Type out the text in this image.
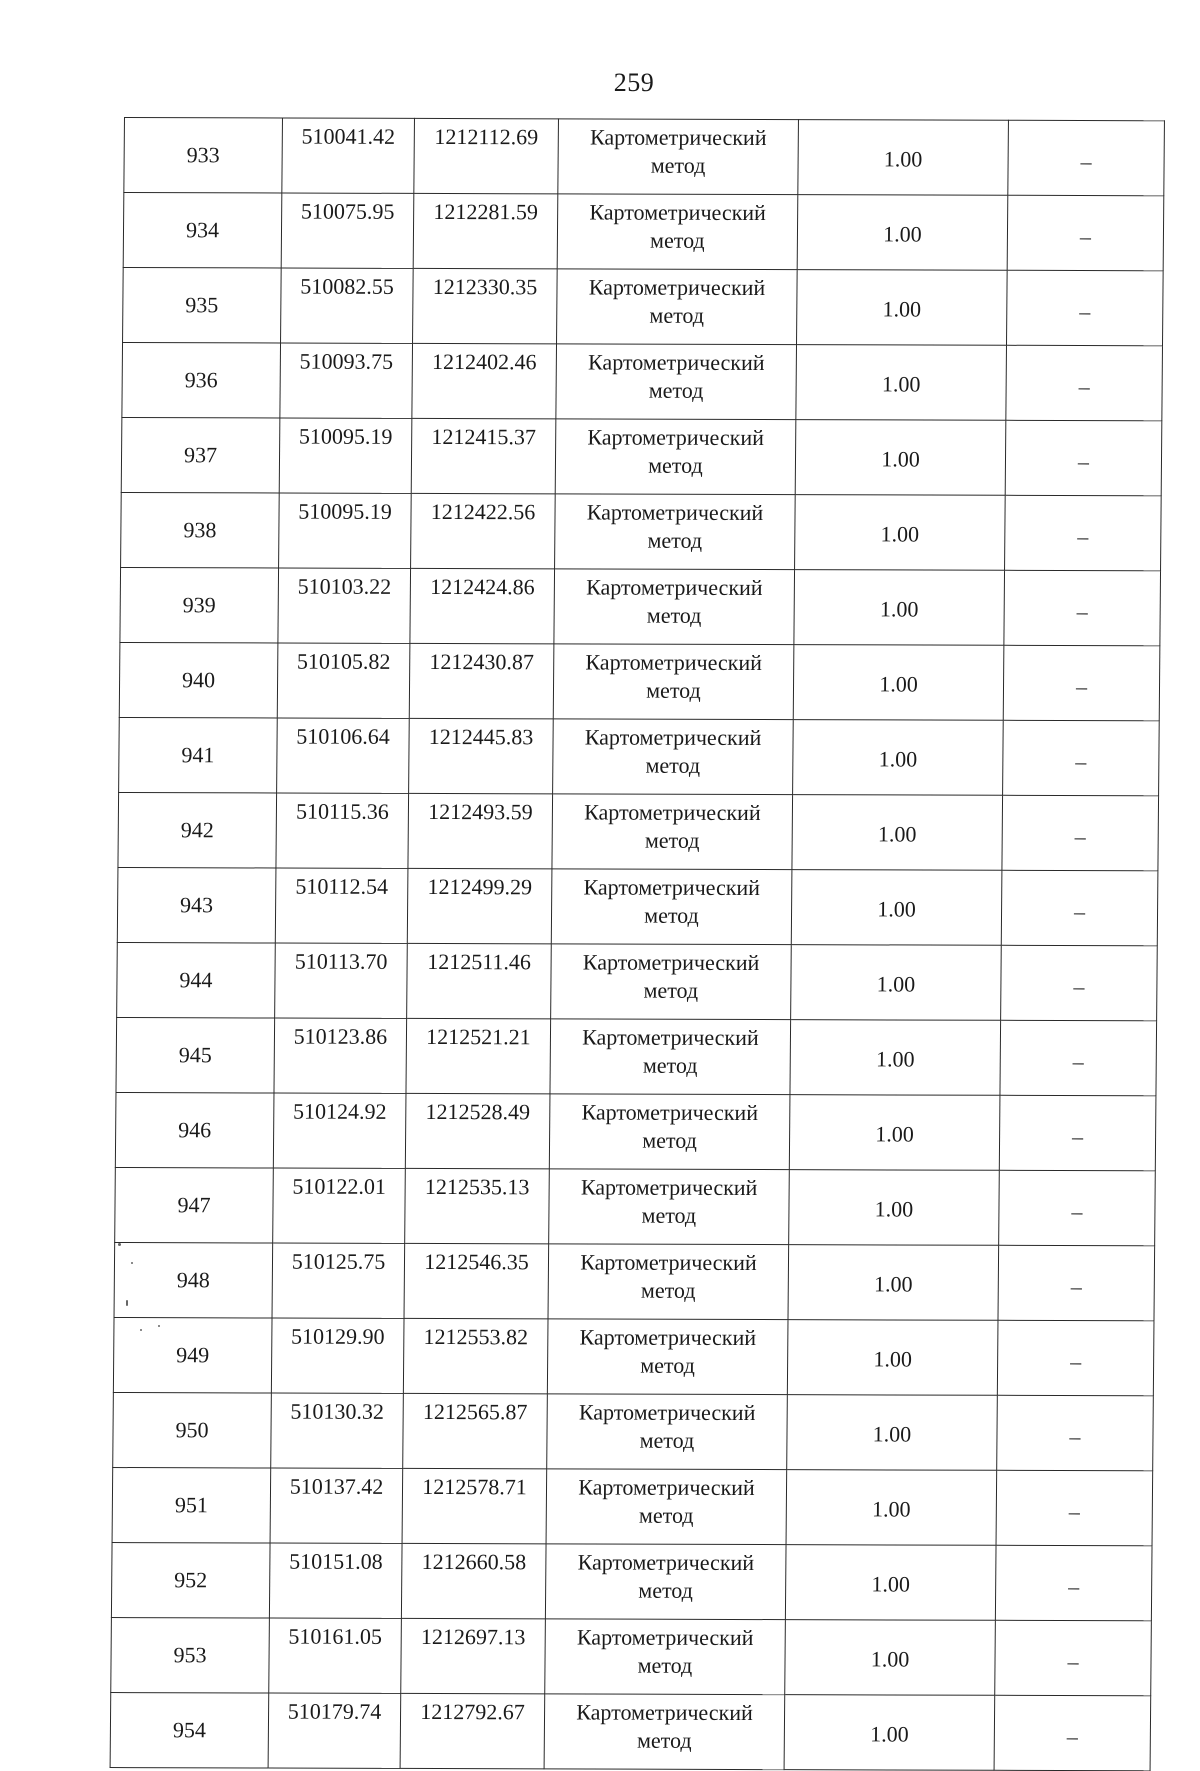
259
933	510041.42	1212112.69	Картометрический
метод	1.00	–
934	510075.95	1212281.59	Картометрический
метод	1.00	–
935	510082.55	1212330.35	Картометрический
метод	1.00	–
936	510093.75	1212402.46	Картометрический
метод	1.00	–
937	510095.19	1212415.37	Картометрический
метод	1.00	–
938	510095.19	1212422.56	Картометрический
метод	1.00	–
939	510103.22	1212424.86	Картометрический
метод	1.00	–
940	510105.82	1212430.87	Картометрический
метод	1.00	–
941	510106.64	1212445.83	Картометрический
метод	1.00	–
942	510115.36	1212493.59	Картометрический
метод	1.00	–
943	510112.54	1212499.29	Картометрический
метод	1.00	–
944	510113.70	1212511.46	Картометрический
метод	1.00	–
945	510123.86	1212521.21	Картометрический
метод	1.00	–
946	510124.92	1212528.49	Картометрический
метод	1.00	–
947	510122.01	1212535.13	Картометрический
метод	1.00	–
948	510125.75	1212546.35	Картометрический
метод	1.00	–
949	510129.90	1212553.82	Картометрический
метод	1.00	–
950	510130.32	1212565.87	Картометрический
метод	1.00	–
951	510137.42	1212578.71	Картометрический
метод	1.00	–
952	510151.08	1212660.58	Картометрический
метод	1.00	–
953	510161.05	1212697.13	Картометрический
метод	1.00	–
954	510179.74	1212792.67	Картометрический
метод	1.00	–
